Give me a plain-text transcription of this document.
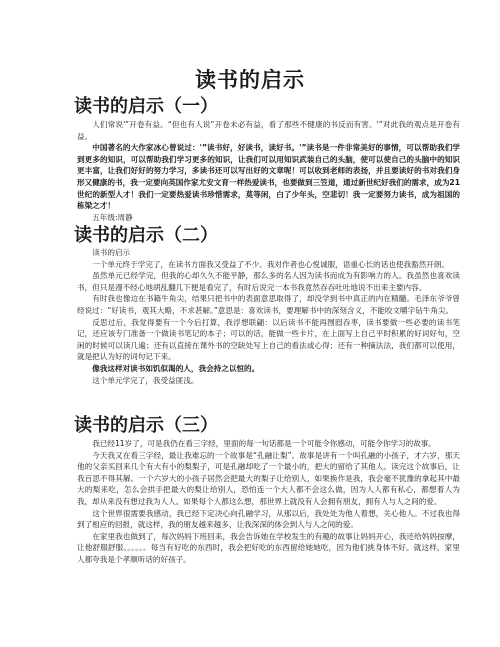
读书的启示
读书的启示（一）

人们常说'”开卷有益。“但也有人说”开卷未必有益，看了那些不健康的书反而有害。'”对此我的观点是开卷有益。

中国著名的大作家冰心曾说过：'”读书好，好读书，读好书。'”读书是一件非常美好的事情，可以帮助我们学到更多的知识，可以帮助我们学习更多的知识，让我们可以用知识武装自己的头脑，使可以使自己的头脑中的知识更丰富，让我们好好的努力学习，多读书还可以写出好的文章呢！可以收到老师的表扬，并且要读好的书对我们身形又健康的书，我一定要向英国作家尤安文育一样热爱读书，也要做到三笠道，通过新世纪好我们的需求，成为21世纪的新型人才！我们一定要热爱读书珍惜需求，莫等闲，白了少年头，空悲切！我一定要努力读书，成为祖国的栋梁之才！

五年级:周静

读书的启示（二）

读书的启示

一个单元终于学完了，在读书方面我又受益了不少。我对作者也心悦诚服，语重心长的话也使我豁然开朗。

虽然单元已经学完，但我的心却久久不能平静，那么多的名人因为读书而成为有影响力的人。我虽然也喜欢读书，但只是漫不经心地胡乱翻几下便是看完了，有时后说完一本书我竟然吞吞吐吐地说不出来主要内容。

有时我也像边在书籍牛角尖，结果只把书中的表面意思取得了，却没学到书中真正的内在精髓。毛泽东爷爷曾经说过：“好读书，观其大略，不求甚解。”意思是：喜欢读书，要理解书中的深刻含义，不能咬文嚼字钻牛角尖。

反思过后，我觉得要有一个今后打算，我浮想联翩：以后读书不能再囫囵吞枣，读书要做一些必要的读书笔记，还应该专门准备一个做读书笔记的本子；可以的话，能做一些卡片，在上面写上自己平时积累的好词好句，空闲的时候可以读几遍；还有以直接在课外书的空缺处写上自己的看法或心得；还有一种摘法法，我们都可以使用，就是把认为好的词句记下来。

像我这样对读书如饥似渴的人，我会持之以恒的。

这个单元学完了，我受益匪浅。

读书的启示（三）

我已经11岁了，可是我仍在看三字经，里面的每一句话都是一个可能令你感动，可能令你学习的故事。

今天我又在看三字经，最让我难忘的一个故事是“孔融让梨”。故事是讲有一个叫孔融的小孩子，才六岁，那天他的父亲买回来几个有大有小的梨梨子，可是孔融却吃了一个最小的，把大的留给了其他人。读完这个故事后，让我百思不得其解。一个六岁大的小孩子居然会把最大的梨子让给别人，如果换作是我，我会毫不犹豫的拿起其中最大的梨来吃，怎么会拱手把最大的梨让给别人，恐怕连一个大人都不会这么做，因为人人都有私心，都想着人为我，却从来没有想过我为人人。如果每个人都这么想，那世界上就没有人会拥有朋友，拥有人与人之间的爱。

这个世界很需要我感动，我已经下定决心向孔融学习，从那以后，我处处为他人着想，关心他人。不过我也得到了相应的回报，就这样，我的朋友越来越多，让我深深的体会到人与人之间的爱。

在家里我也做到了，每次妈妈下班回来，我会告诉她在学校发生的有趣的故事让妈妈开心，我还给妈妈按摩，让他舒服舒服。。。。。。每当有好吃的东西时，我会把好吃的东西留给她她吃，因为他们挑身体不好。就这样，家里人都夸我是个孝顺听话的好孩子。
